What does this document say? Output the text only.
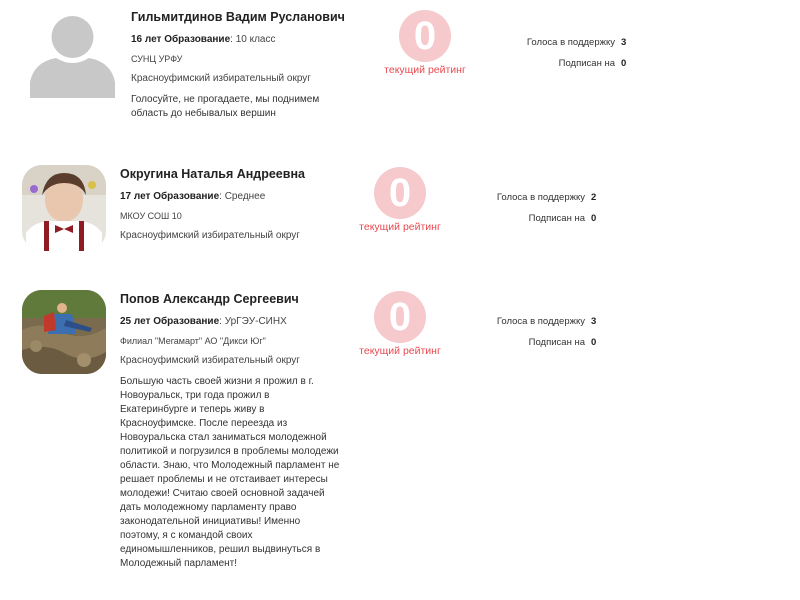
Гильмитдинов Вадим Русланович
16 лет Образование: 10 класс
СУНЦ УРФУ
Красноуфимский избирательный округ
Голосуйте, не прогадаете, мы поднимем область до небывалых вершин
0
текущий рейтинг
Голоса в поддержку 3
Подписан на 0
Округина Наталья Андреевна
17 лет Образование: Среднее
МКОУ СОШ 10
Красноуфимский избирательный округ
0
текущий рейтинг
Голоса в поддержку 2
Подписан на 0
Попов Александр Сергеевич
25 лет Образование: УрГЭУ-СИНХ
Филиал "Мегамарт" АО "Дикси Юг"
Красноуфимский избирательный округ
Большую часть своей жизни я прожил в г. Новоуральск, три года прожил в Екатеринбурге и теперь живу в Красноуфимске. После переезда из Новоуральска стал заниматься молодежной политикой и погрузился в проблемы молодежи области. Знаю, что Молодежный парламент не решает проблемы и не отстаивает интересы молодежи! Считаю своей основной задачей дать молодежному парламенту право законодательной инициативы! Именно поэтому, я с командой своих единомышленников, решил выдвинуться в Молодежный парламент!
0
текущий рейтинг
Голоса в поддержку 3
Подписан на 0
